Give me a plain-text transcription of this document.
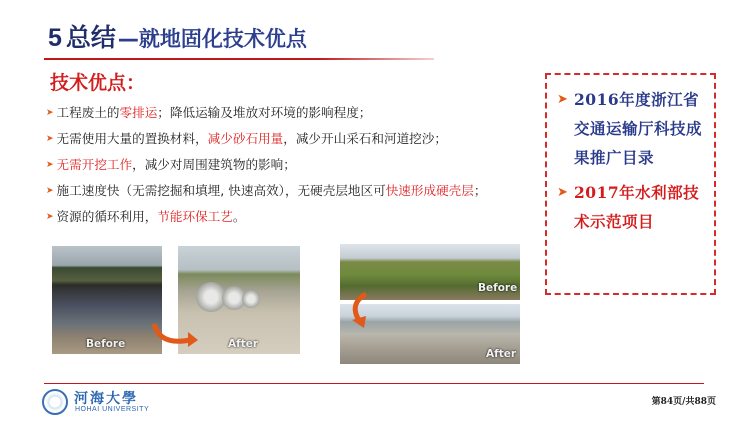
5 总结 — 就地固化技术优点
技术优点：
➤ 工程废土的 零排运 ；降低运输及堆放对环境的影响程度；
➤ 无需使用大量的置换材料， 减少砂石用量 ，减少开山采石和河道挖沙；
➤ 无需开挖工作 ，减少对周围建筑物的影响；
➤ 施工速度快（无需挖掘和填埋, 快速高效），无硬壳层地区可 快速形成硬壳层 ；
➤ 资源的循环利用， 节能环保工艺 。
➤ 2016年度浙江省交通运输厅科技成果推广目录
➤ 2017年水利部技术示范项目
Before	After
Before
After
河海大學
HOHAI UNIVERSITY
第84页/共88页
